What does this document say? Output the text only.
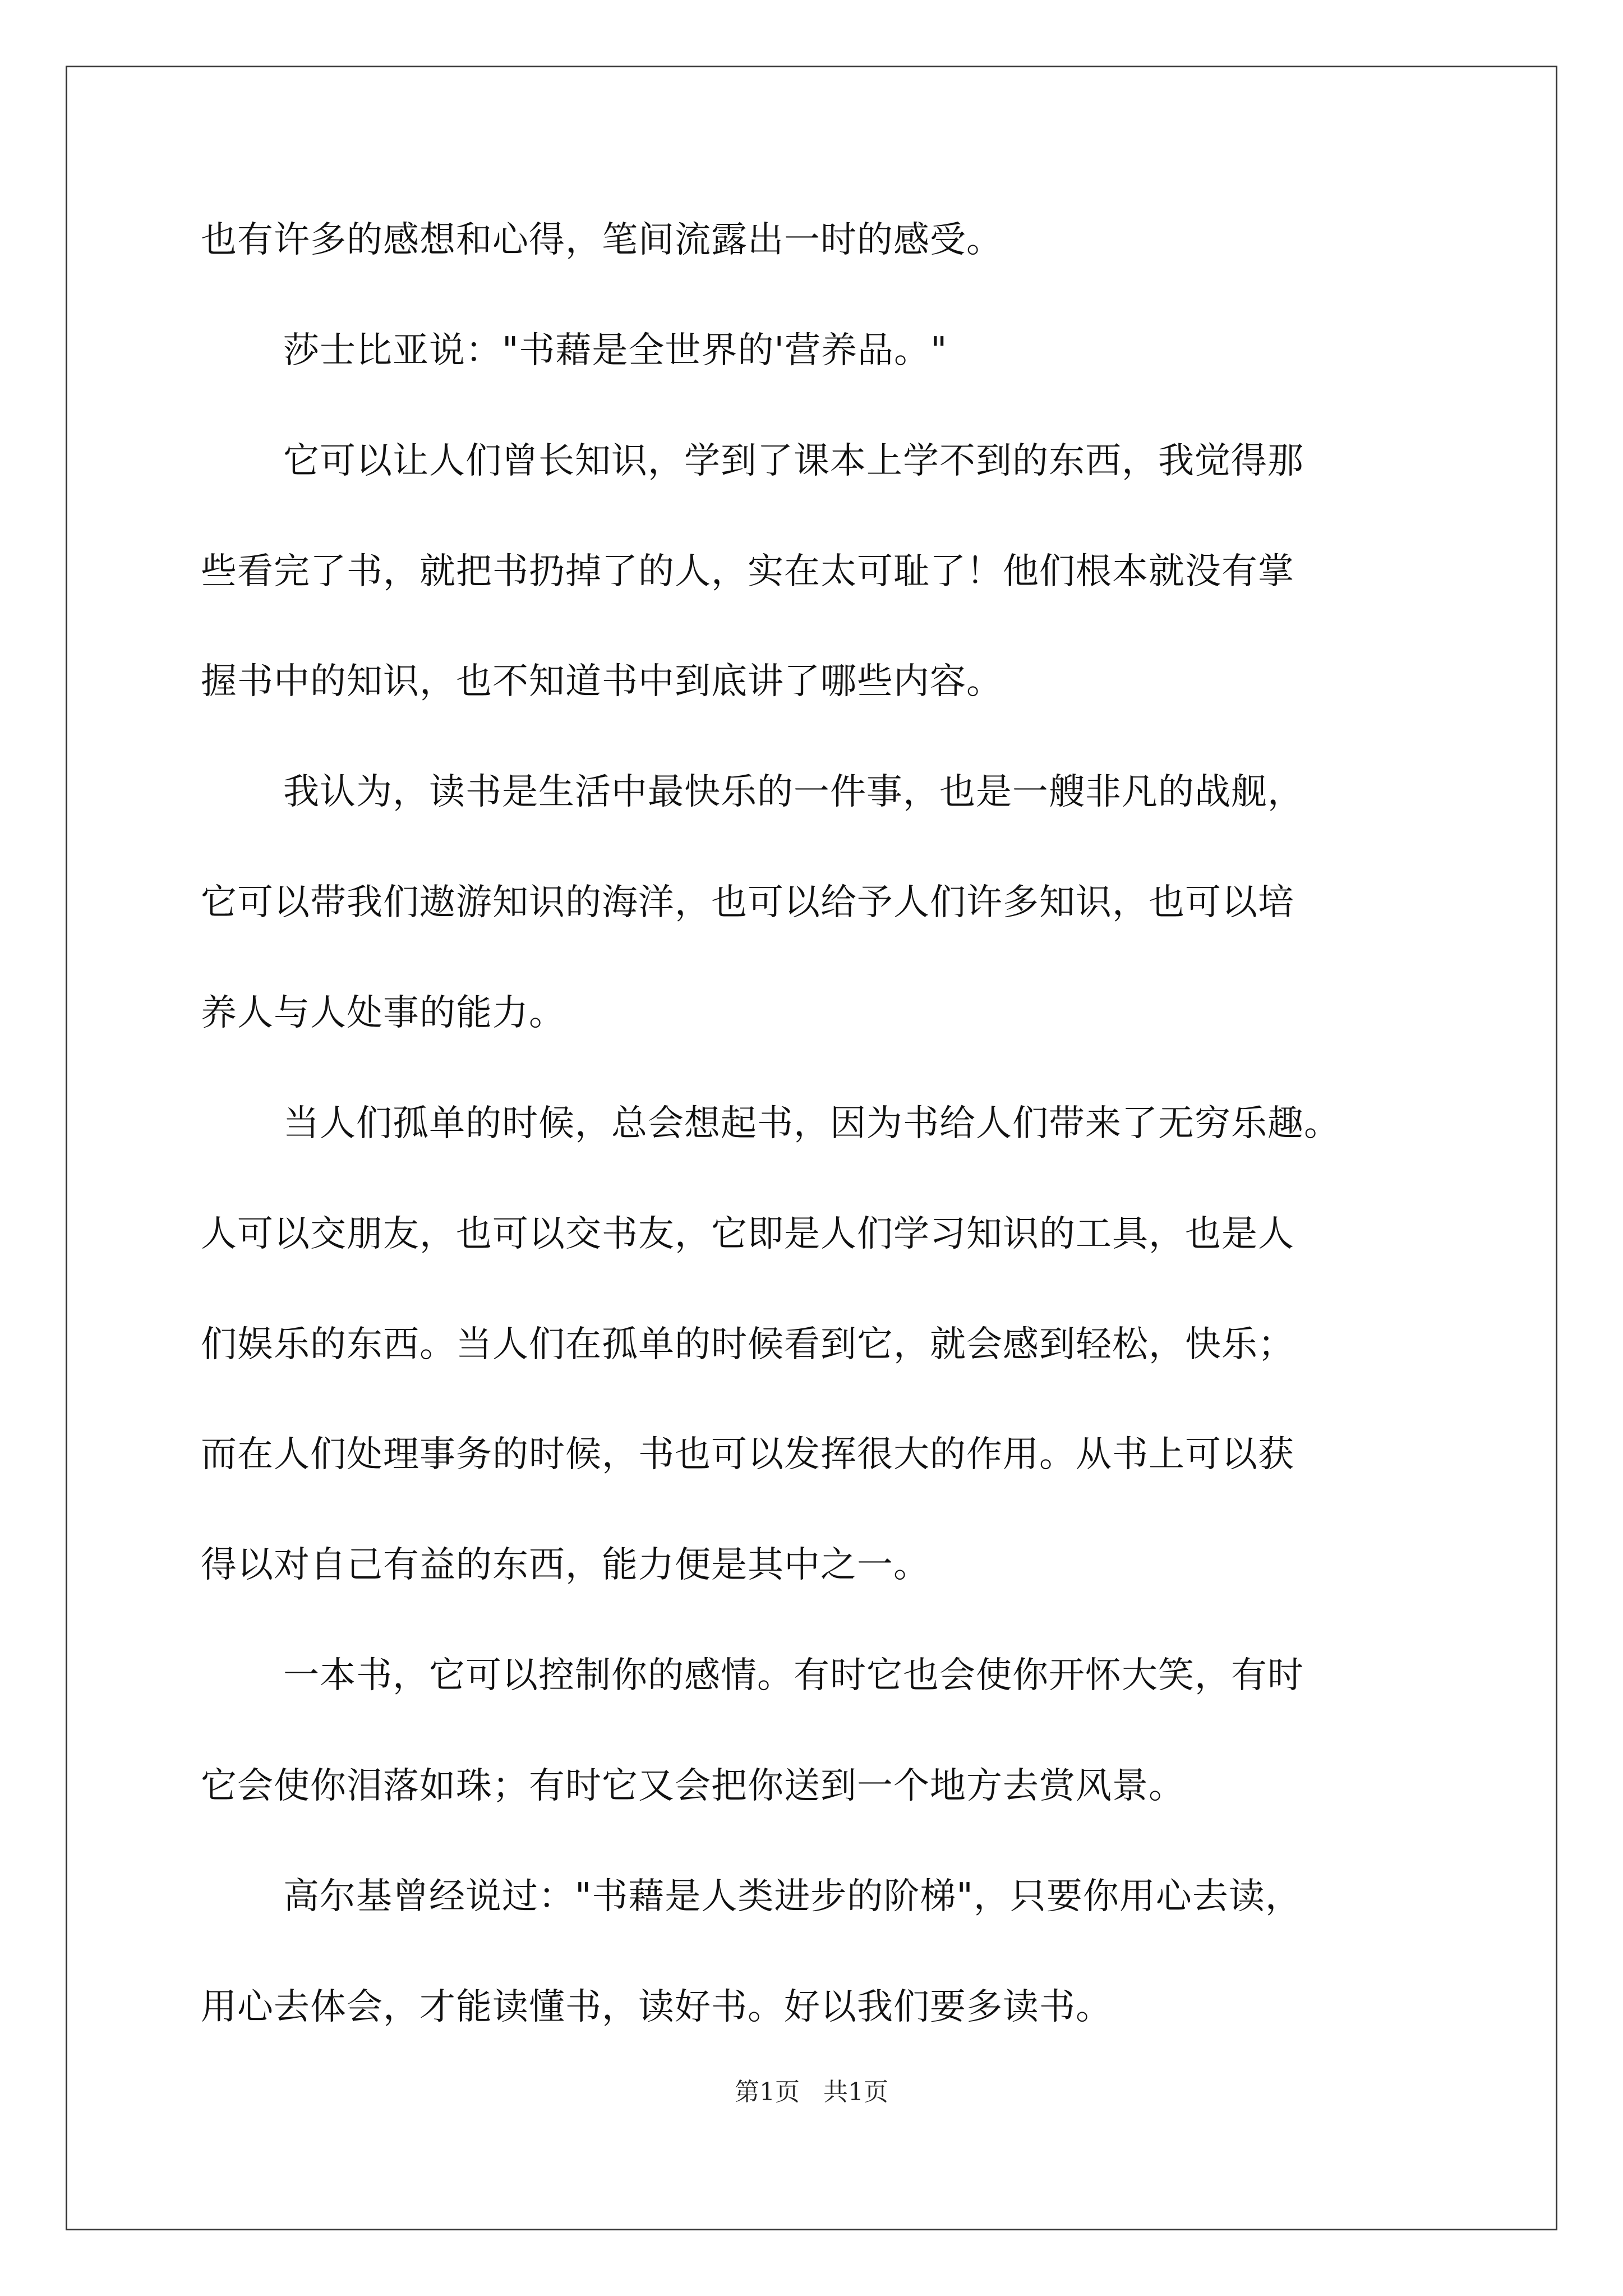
也有许多的感想和心得，笔间流露出一时的感受。
莎士比亚说："书藉是全世界的'营养品。"
它可以让人们曾长知识，学到了课本上学不到的东西，我觉得那
些看完了书，就把书扔掉了的人，实在太可耻了！他们根本就没有掌
握书中的知识，也不知道书中到底讲了哪些内容。
我认为，读书是生活中最快乐的一件事，也是一艘非凡的战舰，
它可以带我们遨游知识的海洋，也可以给予人们许多知识，也可以培
养人与人处事的能力。
当人们孤单的时候，总会想起书，因为书给人们带来了无穷乐趣。
人可以交朋友，也可以交书友，它即是人们学习知识的工具，也是人
们娱乐的东西。当人们在孤单的时候看到它，就会感到轻松，快乐；
而在人们处理事务的时候，书也可以发挥很大的作用。从书上可以获
得以对自己有益的东西，能力便是其中之一。
一本书，它可以控制你的感情。有时它也会使你开怀大笑，有时
它会使你泪落如珠；有时它又会把你送到一个地方去赏风景。
高尔基曾经说过："书藉是人类进步的阶梯"，只要你用心去读，
用心去体会，才能读懂书，读好书。好以我们要多读书。
第1页   共1页
